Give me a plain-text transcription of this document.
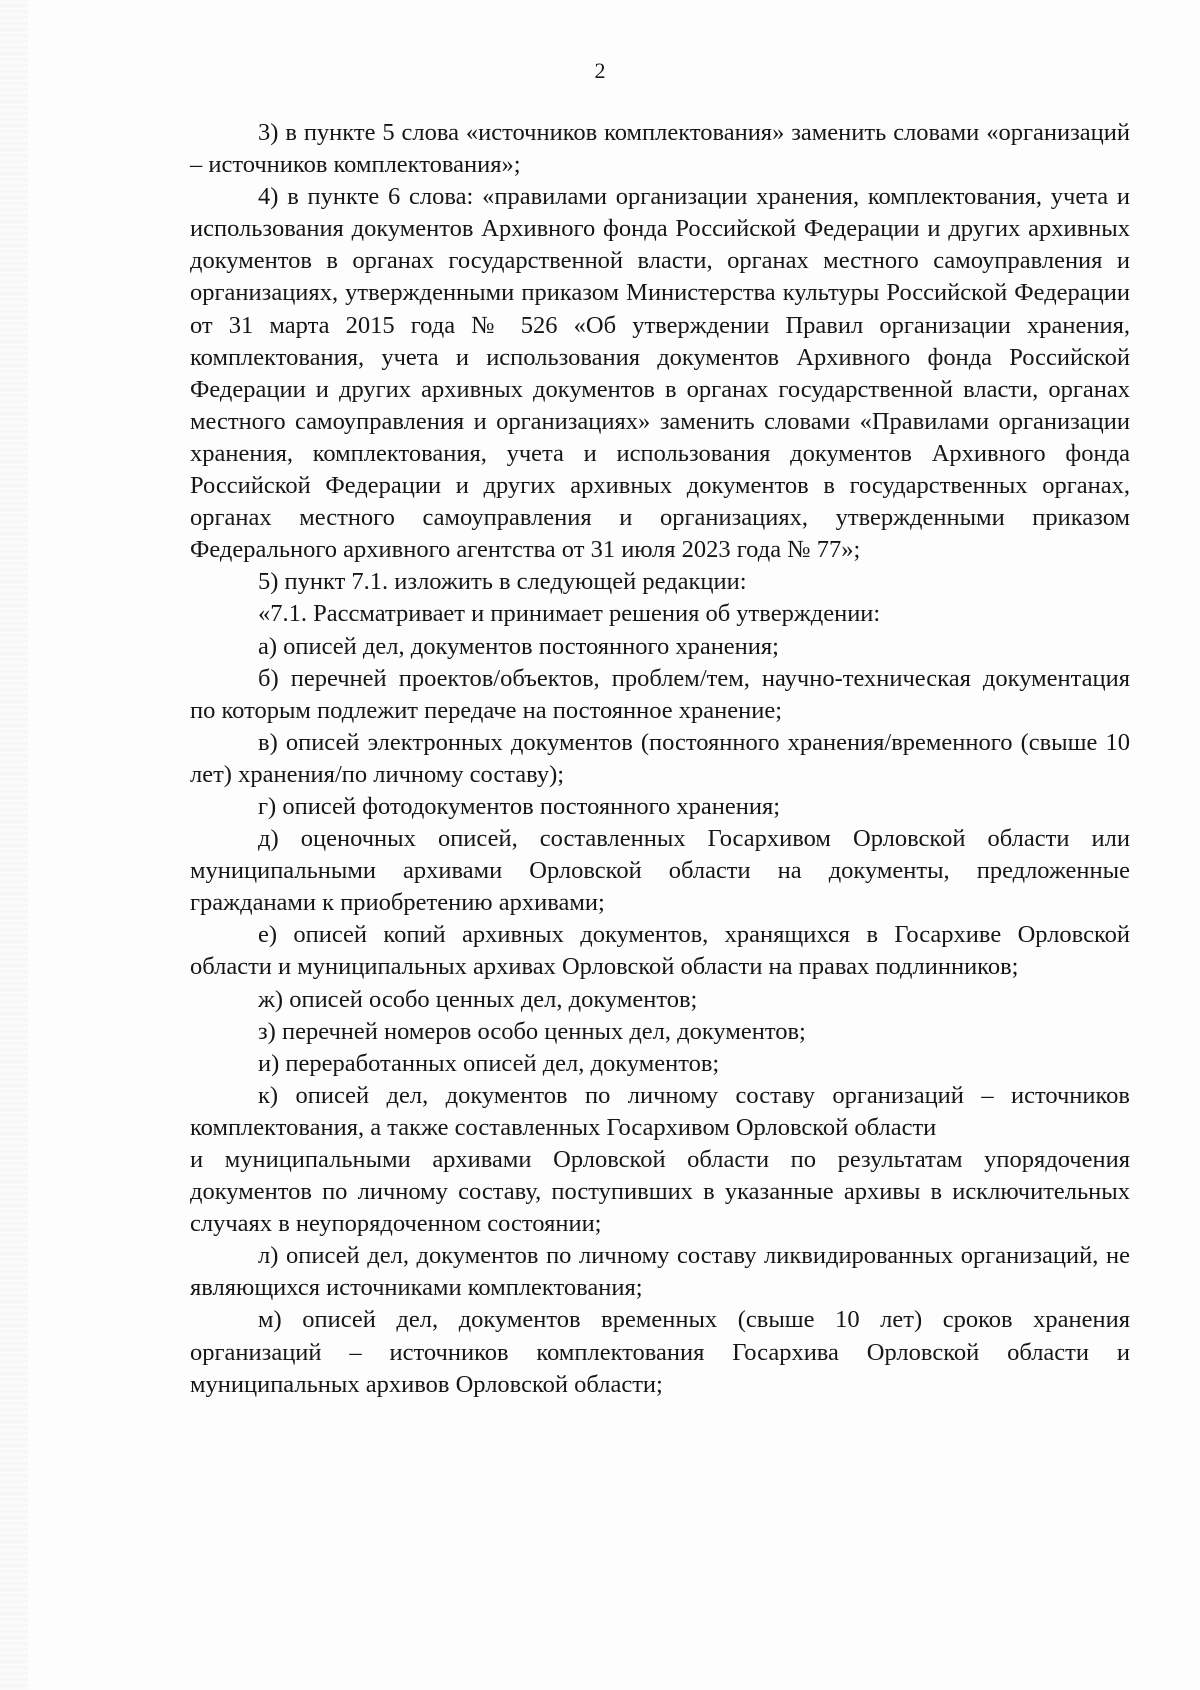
2

3) в пункте 5 слова «источников комплектования» заменить словами «организаций – источников комплектования»;

4) в пункте 6 слова: «правилами организации хранения, комплектования, учета и использования документов Архивного фонда Российской Федерации и других архивных документов в органах государственной власти, органах местного самоуправления и организациях, утвержденными приказом Министерства культуры Российской Федерации от 31 марта 2015 года № 526 «Об утверждении Правил организации хранения, комплектования, учета и использования документов Архивного фонда Российской Федерации и других архивных документов в органах государственной власти, органах местного самоуправления и организациях» заменить словами «Правилами организации хранения, комплектования, учета и использования документов Архивного фонда Российской Федерации и других архивных документов в государственных органах, органах местного самоуправления и организациях, утвержденными приказом Федерального архивного агентства от 31 июля 2023 года № 77»;

5) пункт 7.1. изложить в следующей редакции:

«7.1. Рассматривает и принимает решения об утверждении:

а) описей дел, документов постоянного хранения;

б) перечней проектов/объектов, проблем/тем, научно-техническая документация по которым подлежит передаче на постоянное хранение;

в) описей электронных документов (постоянного хранения/временного (свыше 10 лет) хранения/по личному составу);

г) описей фотодокументов постоянного хранения;

д) оценочных описей, составленных Госархивом Орловской области или муниципальными архивами Орловской области на документы, предложенные гражданами к приобретению архивами;

е) описей копий архивных документов, хранящихся в Госархиве Орловской области и муниципальных архивах Орловской области на правах подлинников;

ж) описей особо ценных дел, документов;

з) перечней номеров особо ценных дел, документов;

и) переработанных описей дел, документов;

к) описей дел, документов по личному составу организаций – источников комплектования, а также составленных Госархивом Орловской области

и муниципальными архивами Орловской области по результатам упорядочения документов по личному составу, поступивших в указанные архивы в исключительных случаях в неупорядоченном состоянии;

л) описей дел, документов по личному составу ликвидированных организаций, не являющихся источниками комплектования;

м) описей дел, документов временных (свыше 10 лет) сроков хранения организаций – источников комплектования Госархива Орловской области и муниципальных архивов Орловской области;
